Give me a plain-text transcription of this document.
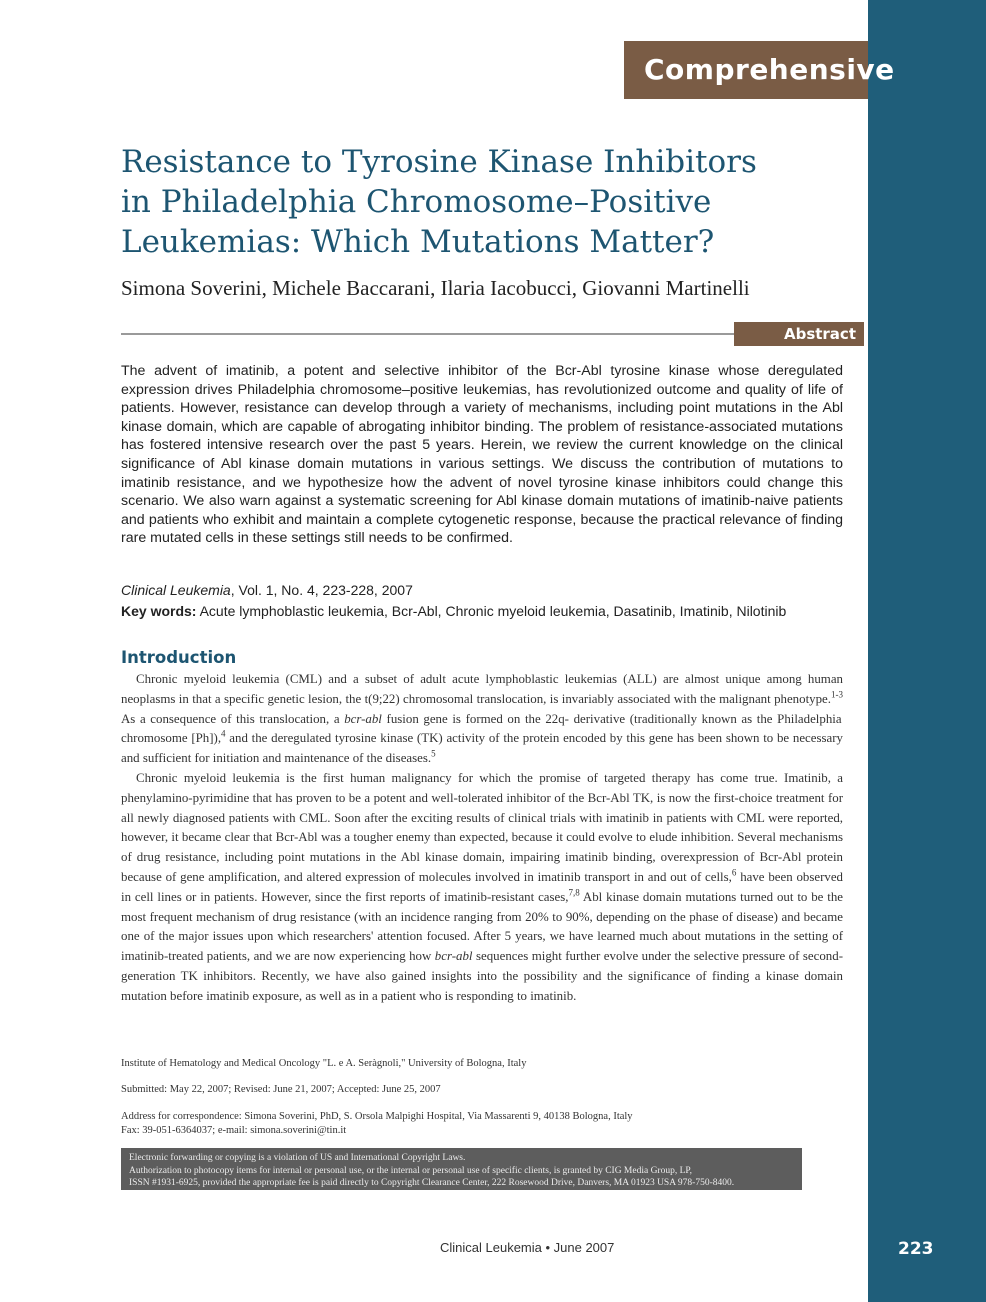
Comprehensive Review
Resistance to Tyrosine Kinase Inhibitors
in Philadelphia Chromosome–Positive
Leukemias: Which Mutations Matter?
Simona Soverini, Michele Baccarani, Ilaria Iacobucci, Giovanni Martinelli
Abstract
The advent of imatinib, a potent and selective inhibitor of the Bcr-Abl tyrosine kinase whose deregulated expression drives Philadelphia chromosome–positive leukemias, has revolutionized outcome and quality of life of patients. However, resistance can develop through a variety of mechanisms, including point mutations in the Abl kinase domain, which are capable of abrogating inhibitor binding. The problem of resistance-associated mutations has fostered intensive research over the past 5 years. Herein, we review the current knowledge on the clinical significance of Abl kinase domain mutations in various settings. We discuss the contribution of mutations to imatinib resistance, and we hypothesize how the advent of novel tyrosine kinase inhibitors could change this scenario. We also warn against a systematic screening for Abl kinase domain mutations of imatinib-naive patients and patients who exhibit and maintain a complete cytogenetic response, because the practical relevance of finding rare mutated cells in these settings still needs to be confirmed.
Clinical Leukemia, Vol. 1, No. 4, 223-228, 2007
Key words: Acute lymphoblastic leukemia, Bcr-Abl, Chronic myeloid leukemia, Dasatinib, Imatinib, Nilotinib
Introduction

Chronic myeloid leukemia (CML) and a subset of adult acute lymphoblastic leukemias (ALL) are almost unique among human neoplasms in that a specific genetic lesion, the t(9;22) chromosomal translocation, is invariably associated with the malignant phenotype.$^{1-3}$ As a consequence of this translocation, a bcr-abl fusion gene is formed on the 22q- derivative (traditionally known as the Philadelphia chromosome [Ph]),$^4$ and the deregulated tyrosine kinase (TK) activity of the protein encoded by this gene has been shown to be necessary and sufficient for initiation and maintenance of the diseases.$^5$

Chronic myeloid leukemia is the first human malignancy for which the promise of targeted therapy has come true. Imatinib, a phenylamino-pyrimidine that has proven to be a potent and well-tolerated inhibitor of the Bcr-Abl TK, is now the first-choice treatment for all newly diagnosed patients with CML. Soon after the exciting results of clinical trials with imatinib in patients with CML were reported, however, it became clear that Bcr-Abl was a tougher enemy than expected, because it could evolve to elude inhibition. Several mechanisms of drug resistance, including point mutations in the Abl kinase domain, impairing imatinib binding, overexpression of Bcr-Abl protein because of gene amplification, and altered expression of molecules involved in imatinib transport in and out of cells,$^6$ have been observed in cell lines or in patients. However, since the first reports of imatinib-resistant cases,$^{7,8}$ Abl kinase domain mutations turned out to be the most frequent mechanism of drug resistance (with an incidence ranging from 20% to 90%, depending on the phase of disease) and became one of the major issues upon which researchers' attention focused. After 5 years, we have learned much about mutations in the setting of imatinib-treated patients, and we are now experiencing how bcr-abl sequences might further evolve under the selective pressure of second-generation TK inhibitors. Recently, we have also gained insights into the possibility and the significance of finding a kinase domain mutation before imatinib exposure, as well as in a patient who is responding to imatinib.

Institute of Hematology and Medical Oncology "L. e A. Seràgnoli," University of Bologna, Italy
Submitted: May 22, 2007; Revised: June 21, 2007; Accepted: June 25, 2007
Address for correspondence: Simona Soverini, PhD, S. Orsola Malpighi Hospital, Via Massarenti 9, 40138 Bologna, Italy
Fax: 39-051-6364037; e-mail: simona.soverini@tin.it
Electronic forwarding or copying is a violation of US and International Copyright Laws.
Authorization to photocopy items for internal or personal use, or the internal or personal use of specific clients, is granted by CIG Media Group, LP,
ISSN #1931-6925, provided the appropriate fee is paid directly to Copyright Clearance Center, 222 Rosewood Drive, Danvers, MA 01923 USA 978-750-8400.
Clinical Leukemia • June 2007	223
